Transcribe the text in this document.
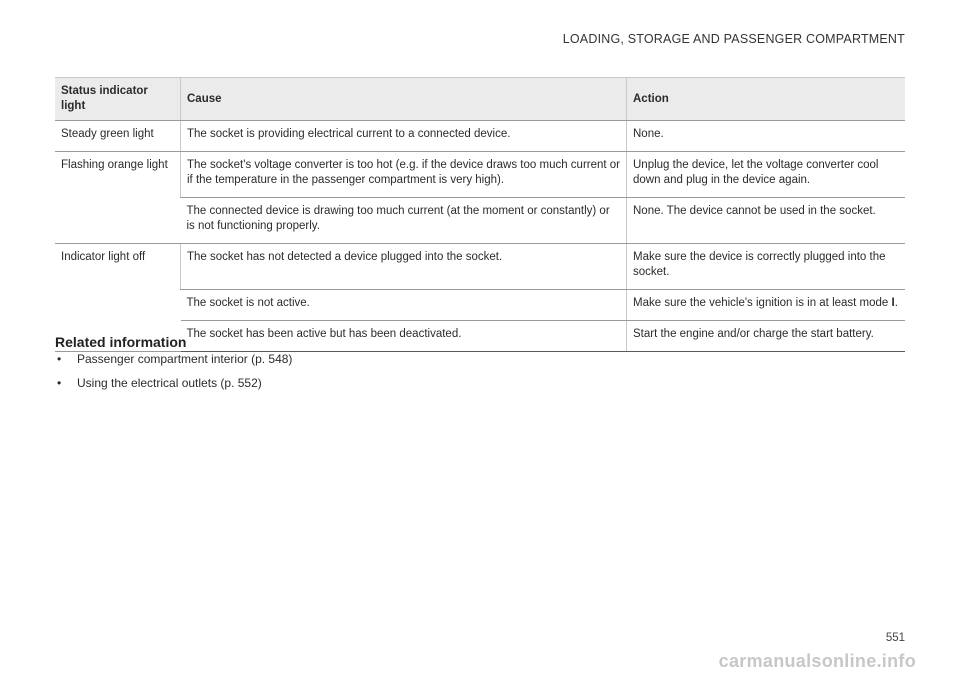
LOADING, STORAGE AND PASSENGER COMPARTMENT
Status indicator light	Cause	Action
Steady green light	The socket is providing electrical current to a connected device.	None.
Flashing orange light	The socket's voltage converter is too hot (e.g. if the device draws too much current or if the temperature in the passenger compartment is very high).	Unplug the device, let the voltage converter cool down and plug in the device again.
	The connected device is drawing too much current (at the moment or constantly) or is not functioning properly.	None. The device cannot be used in the socket.
Indicator light off	The socket has not detected a device plugged into the socket.	Make sure the device is correctly plugged into the socket.
	The socket is not active.	Make sure the vehicle's ignition is in at least mode I.
	The socket has been active but has been deactivated.	Start the engine and/or charge the start battery.
Related information
• Passenger compartment interior (p. 548)
• Using the electrical outlets (p. 552)
551
carmanualsonline.info
